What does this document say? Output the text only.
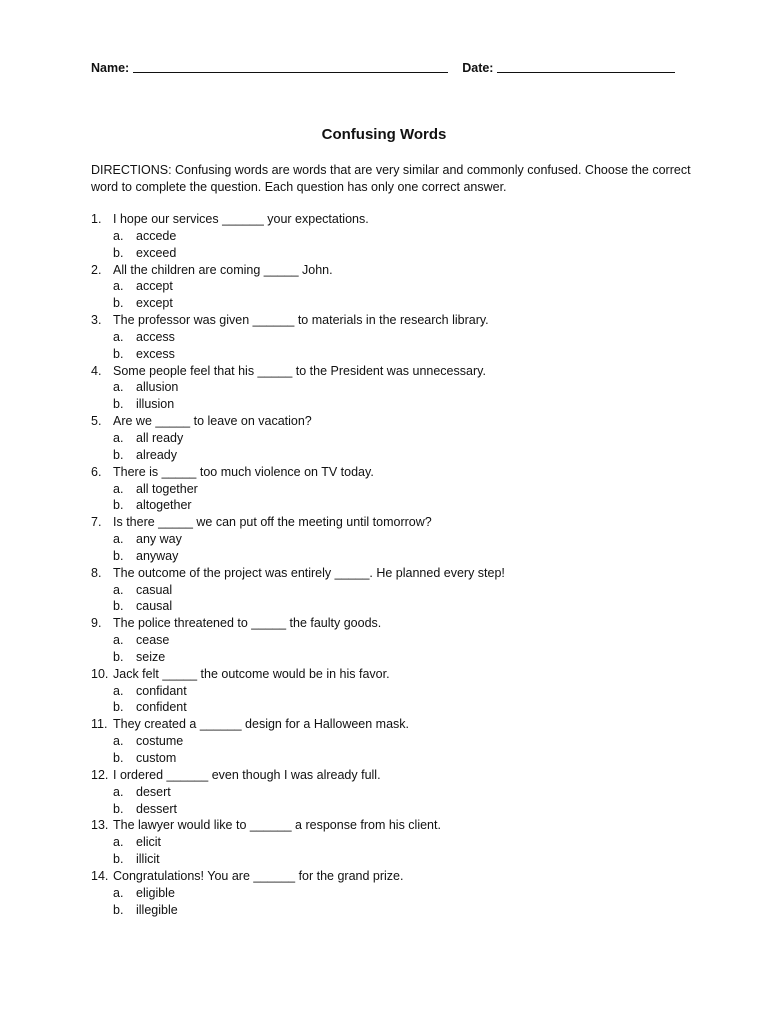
Name:	Date:
Confusing Words
DIRECTIONS: Confusing words are words that are very similar and commonly confused. Choose the correct word to complete the question. Each question has only one correct answer.
1. I hope our services ______ your expectations.
a.	accede
b.	exceed
2. All the children are coming _____ John.
a.	accept
b.	except
3. The professor was given ______ to materials in the research library.
a.	access
b.	excess
4. Some people feel that his _____ to the President was unnecessary.
a.	allusion
b.	illusion
5. Are we _____ to leave on vacation?
a.	all ready
b.	already
6. There is _____ too much violence on TV today.
a.	all together
b.	altogether
7. Is there _____ we can put off the meeting until tomorrow?
a.	any way
b.	anyway
8. The outcome of the project was entirely _____. He planned every step!
a.	casual
b.	causal
9. The police threatened to _____ the faulty goods.
a.	cease
b.	seize
10. Jack felt _____ the outcome would be in his favor.
a.	confidant
b.	confident
11. They created a ______ design for a Halloween mask.
a.	costume
b.	custom
12. I ordered ______ even though I was already full.
a.	desert
b.	dessert
13. The lawyer would like to ______ a response from his client.
a.	elicit
b.	illicit
14. Congratulations! You are ______ for the grand prize.
a.	eligible
b.	illegible
